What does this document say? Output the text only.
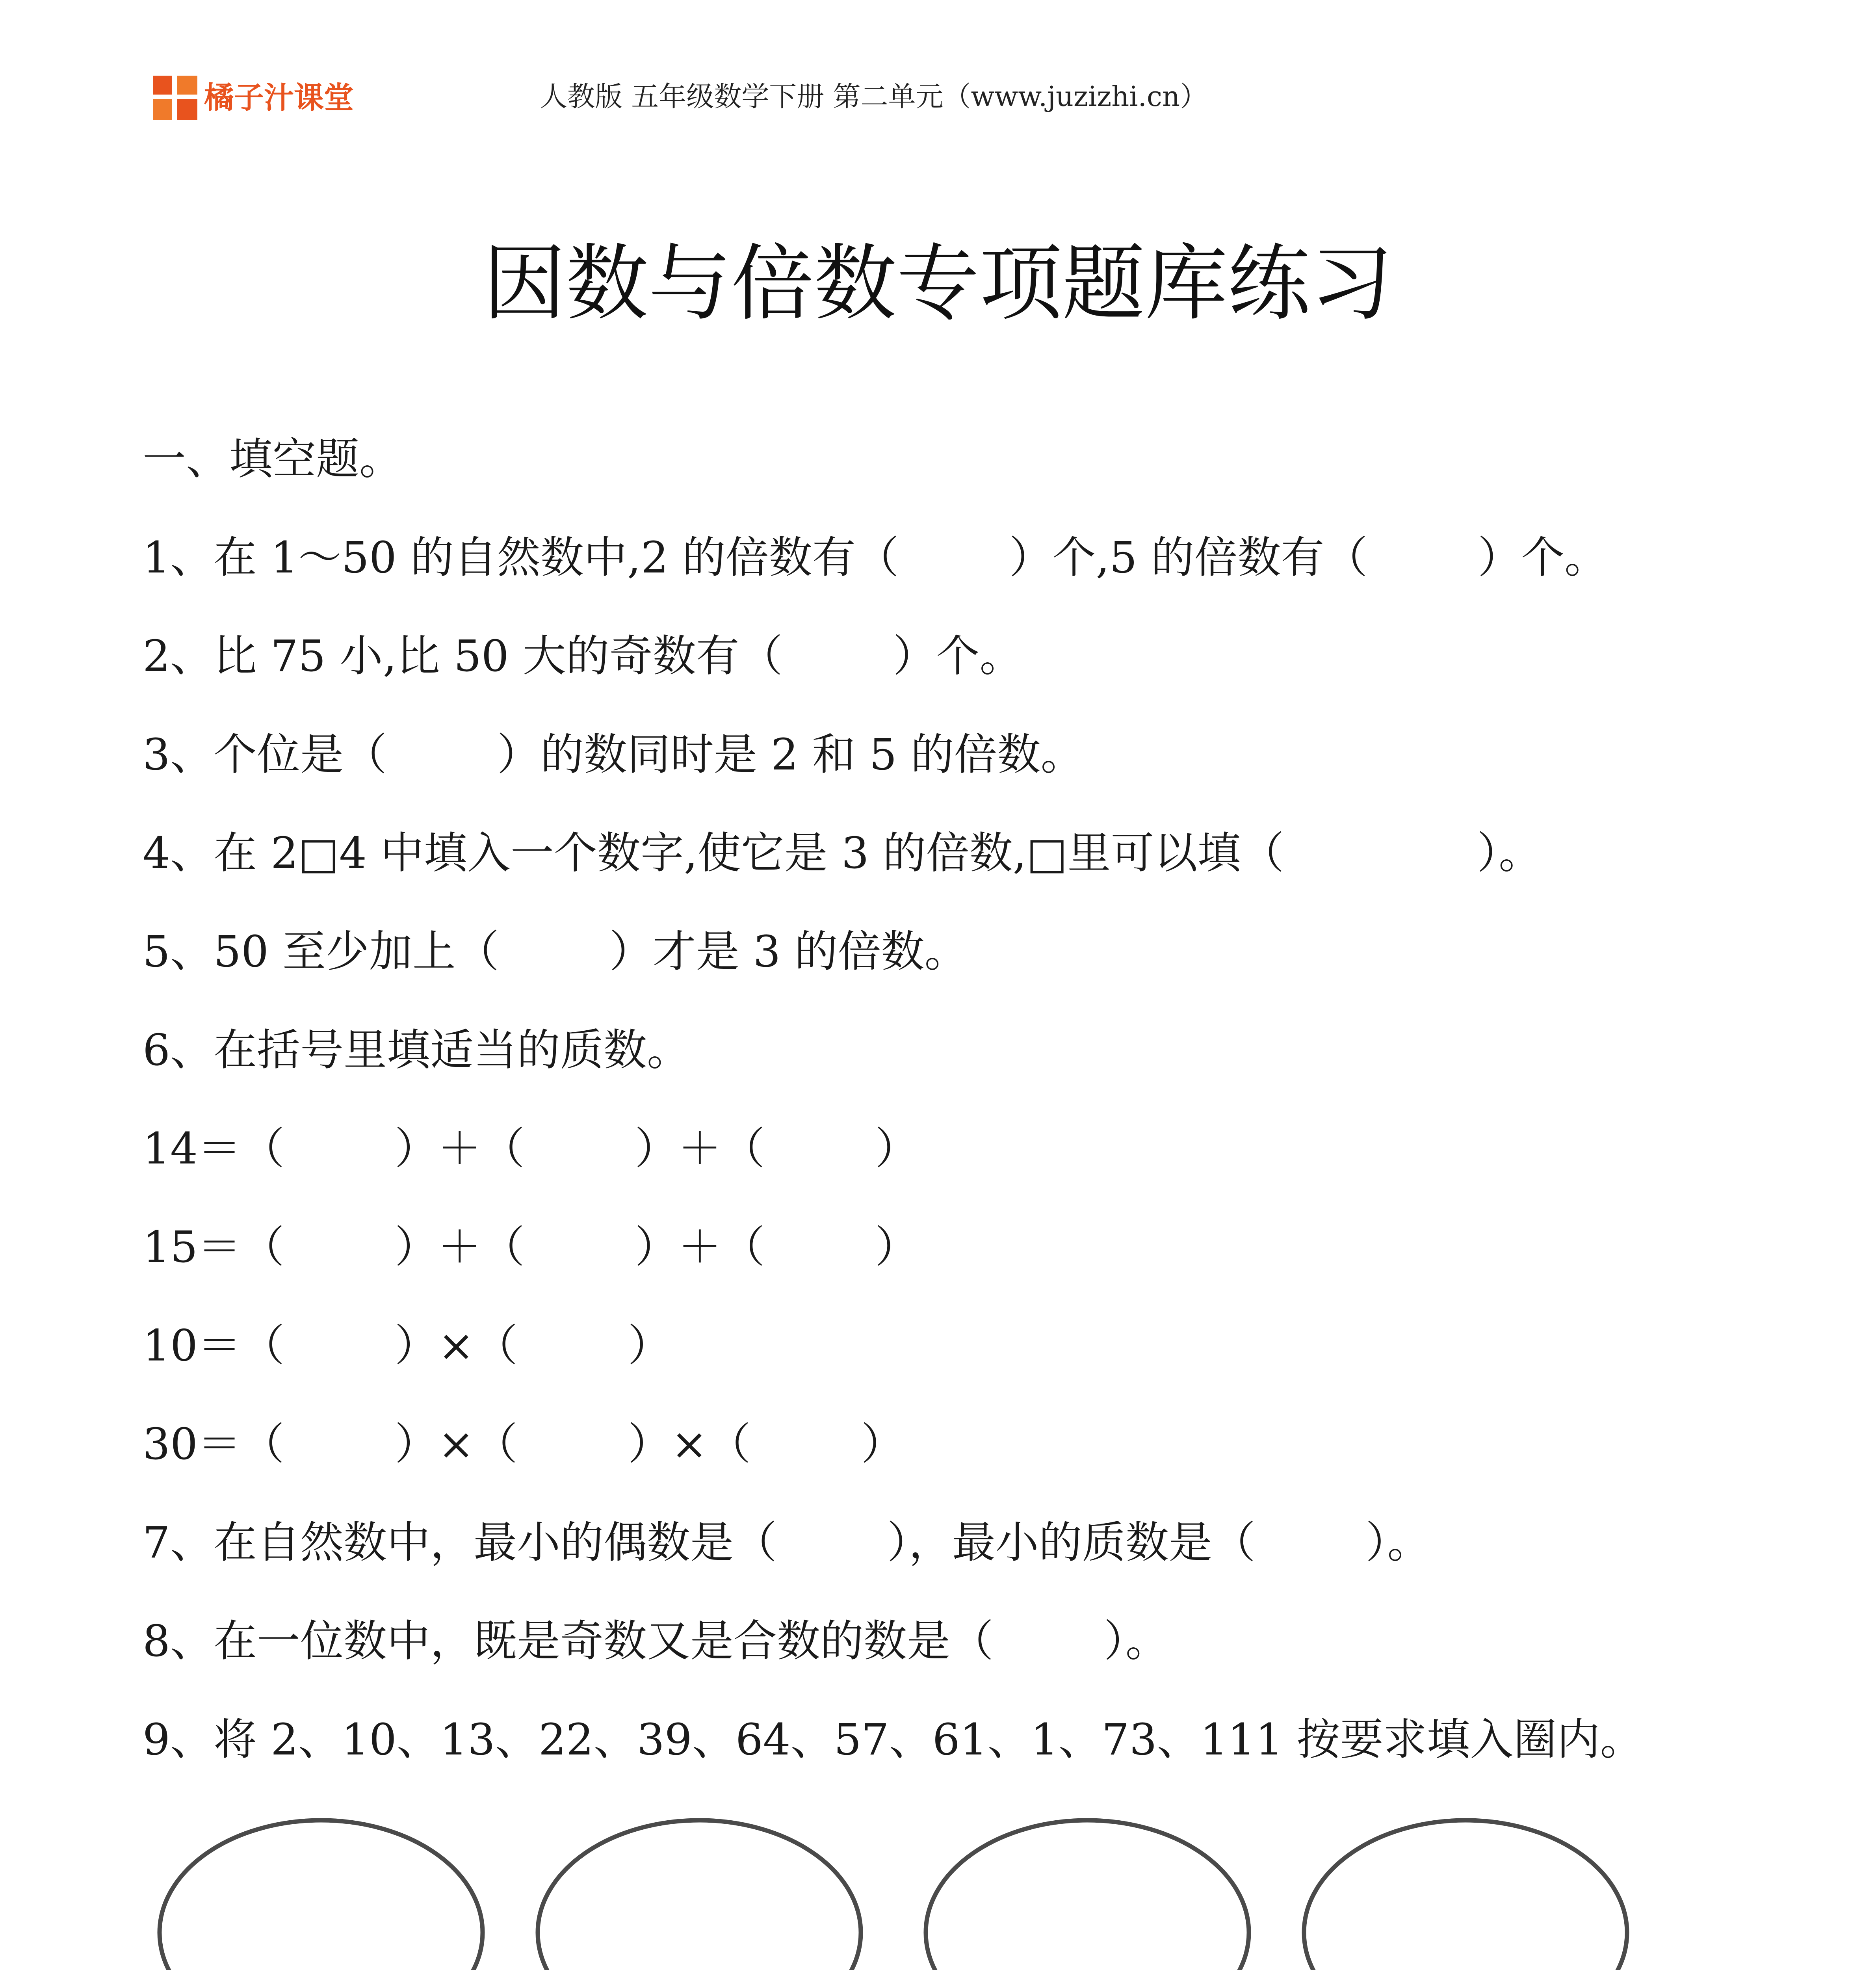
橘子汁课堂	人教版 五年级数学下册 第二单元（www.juzizhi.cn）
因数与倍数专项题库练习
一、填空题。
1、在 1～50 的自然数中,2 的倍数有（        ）个,5 的倍数有（        ）个。
2、比 75 小,比 50 大的奇数有（        ）个。
3、个位是（        ）的数同时是 2 和 5 的倍数。
4、在 2□4 中填入一个数字,使它是 3 的倍数,□里可以填（              ）。
5、50 至少加上（        ）才是 3 的倍数。
6、在括号里填适当的质数。
14＝（        ）＋（        ）＋（        ）
15＝（        ）＋（        ）＋（        ）
10＝（        ）×（        ）
30＝（        ）×（        ）×（        ）
7、在自然数中，最小的偶数是（        ），最小的质数是（        ）。
8、在一位数中，既是奇数又是合数的数是（        ）。
9、将 2、10、13、22、39、64、57、61、1、73、111 按要求填入圈内。
